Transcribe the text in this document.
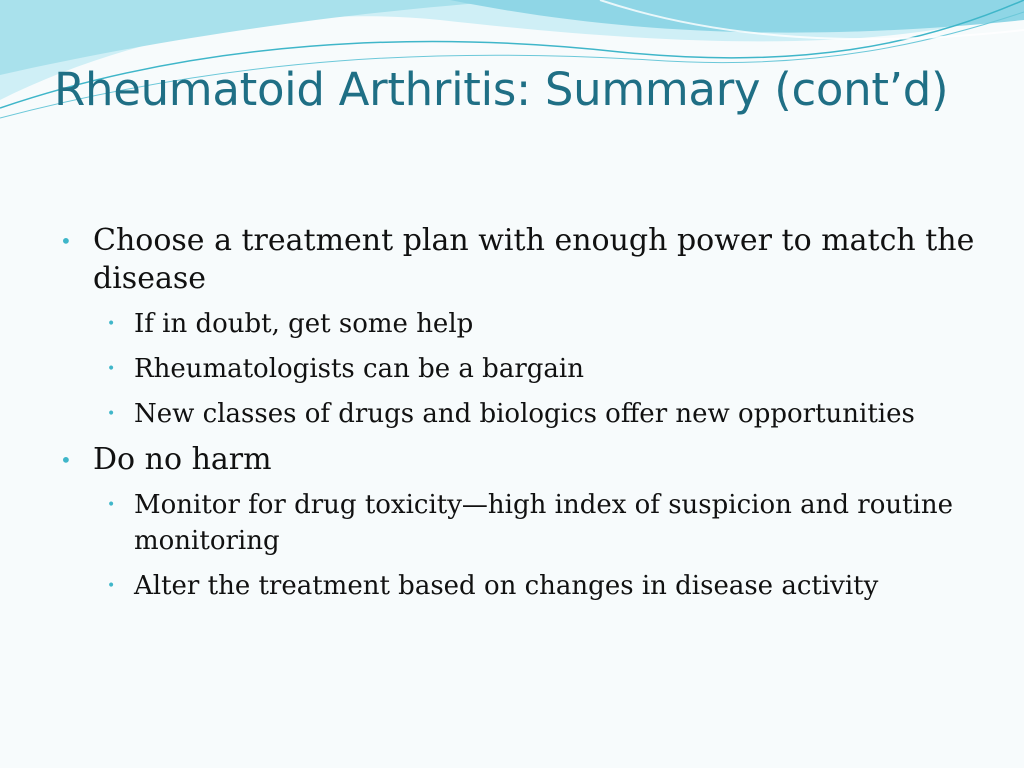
Rheumatoid Arthritis: Summary (cont’d)
• Choose a treatment plan with enough power to match the disease
• If in doubt, get some help
• Rheumatologists can be a bargain
• New classes of drugs and biologics offer new opportunities
• Do no harm
• Monitor for drug toxicity—high index of suspicion and routine monitoring
• Alter the treatment based on changes in disease activity
